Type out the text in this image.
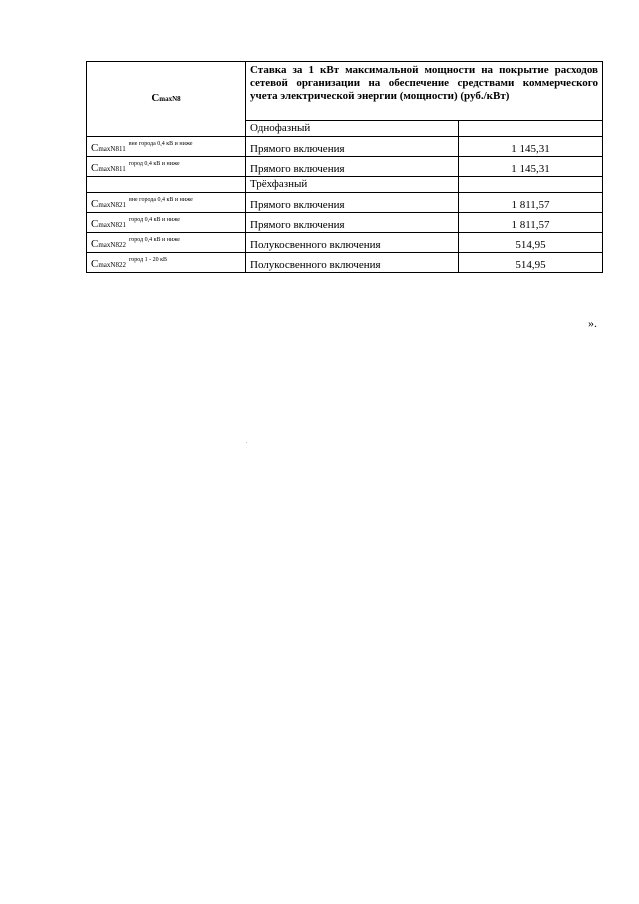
CmaxN8	Ставка за 1 кВт максимальной мощности на покрытие расходов сетевой организации на обеспечение средствами коммерческого учета электрической энергии (мощности) (руб./кВт)	
	Однофазный	
$CmaxN811^{вне города 0,4 кВ и ниже}$	Прямого включения	1 145,31
$CmaxN811^{город 0,4 кВ и ниже}$	Прямого включения	1 145,31
	Трёхфазный	
$CmaxN821^{вне города 0,4 кВ и ниже}$	Прямого включения	1 811,57
$CmaxN821^{город 0,4 кВ и ниже}$	Прямого включения	1 811,57
$CmaxN822^{город 0,4 кВ и ниже}$	Полукосвенного включения	514,95
$CmaxN822^{город 1 - 20 кВ}$	Полукосвенного включения	514,95
».
